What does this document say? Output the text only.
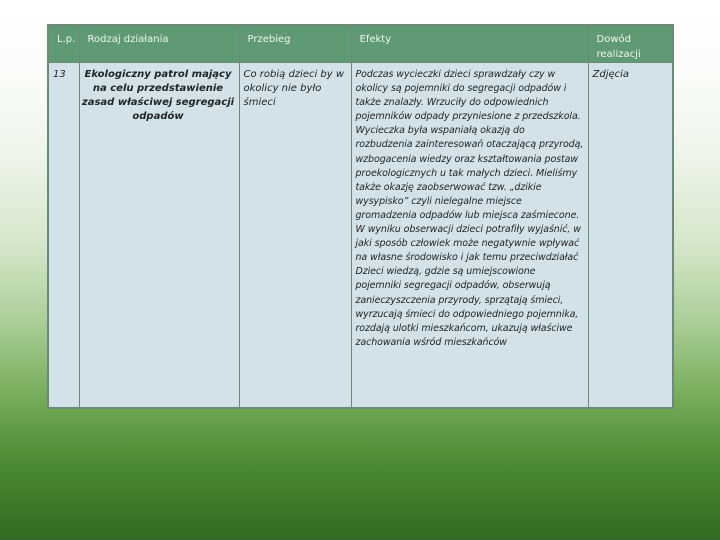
L.p.	Rodzaj działania	Przebieg	Efekty	Dowód realizacji

13	Ekologiczny patrol mający na celu przedstawienie zasad właściwej segregacji odpadów	Co robią dzieci by w okolicy nie było śmieci	Podczas wycieczki dzieci sprawdzały czy w okolicy są pojemniki do segregacji odpadów i także znalazły. Wrzuciły do odpowiednich pojemników odpady przyniesione z przedszkola. Wycieczka była wspaniałą okazją do rozbudzenia zainteresowań otaczającą przyrodą, wzbogacenia wiedzy oraz kształtowania postaw proekologicznych u tak małych dzieci. Mieliśmy także okazję zaobserwować tzw. „dzikie wysypisko” czyli nielegalne miejsce gromadzenia odpadów lub miejsca zaśmiecone. W wyniku obserwacji dzieci potrafiły wyjaśnić, w jaki sposób człowiek może negatywnie wpływać na własne środowisko i jak temu przeciwdziałać Dzieci wiedzą, gdzie są umiejscowione pojemniki segregacji odpadów, obserwują zanieczyszczenia przyrody, sprzątają śmieci, wyrzucają śmieci do odpowiedniego pojemnika, rozdają ulotki mieszkańcom, ukazują właściwe zachowania wśród mieszkańców	Zdjęcia
